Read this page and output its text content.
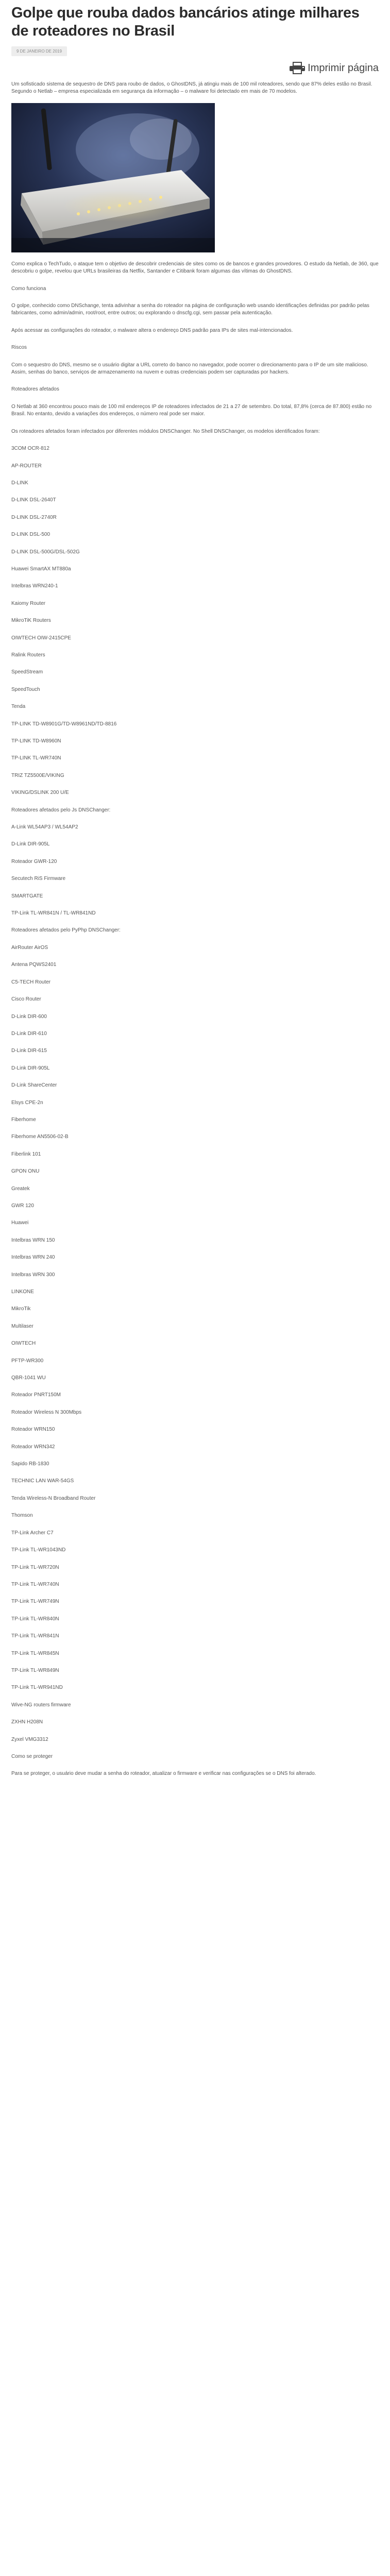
Golpe que rouba dados bancários atinge milhares de roteadores no Brasil
9 DE JANEIRO DE 2019
Imprimir página

Um sofisticado sistema de sequestro de DNS para roubo de dados, o GhostDNS, já atingiu mais de 100 mil roteadores, sendo que 87% deles estão no Brasil. Segundo o Netlab – empresa especializada em segurança da informação – o malware foi detectado em mais de 70 modelos.

Como explica o TechTudo, o ataque tem o objetivo de descobrir credenciais de sites como os de bancos e grandes provedores. O estudo da Netlab, de 360, que descobriu o golpe, revelou que URLs brasileiras da Netflix, Santander e Citibank foram algumas das vítimas do GhostDNS.

Como funciona

O golpe, conhecido como DNSchange, tenta adivinhar a senha do roteador na página de configuração web usando identificações definidas por padrão pelas fabricantes, como admin/admin, root/root, entre outros; ou explorando o dnscfg.cgi, sem passar pela autenticação.

Após acessar as configurações do roteador, o malware altera o endereço DNS padrão para IPs de sites mal-intencionados.

Riscos

Com o sequestro do DNS, mesmo se o usuário digitar a URL correto do banco no navegador, pode ocorrer o direcionamento para o IP de um site malicioso. Assim, senhas do banco, serviços de armazenamento na nuvem e outras credenciais podem ser capturadas por hackers.

Roteadores afetados

O Netlab at 360 encontrou pouco mais de 100 mil endereços IP de roteadores infectados de 21 a 27 de setembro. Do total, 87,8% (cerca de 87.800) estão no Brasil. No entanto, devido a variações dos endereços, o número real pode ser maior.

Os roteadores afetados foram infectados por diferentes módulos DNSChanger. No Shell DNSChanger, os modelos identificados foram:

3COM OCR-812

AP-ROUTER

D-LINK

D-LINK DSL-2640T

D-LINK DSL-2740R

D-LINK DSL-500

D-LINK DSL-500G/DSL-502G

Huawei SmartAX MT880a

Intelbras WRN240-1

Kaiomy Router

MikroTiK Routers

OIWTECH OIW-2415CPE

Ralink Routers

SpeedStream

SpeedTouch

Tenda

TP-LINK TD-W8901G/TD-W8961ND/TD-8816

TP-LINK TD-W8960N

TP-LINK TL-WR740N

TRIZ TZ5500E/VIKING

VIKING/DSLINK 200 U/E

Roteadores afetados pelo Js DNSChanger:

A-Link WL54AP3 / WL54AP2

D-Link DIR-905L

Roteador GWR-120

Secutech RiS Firmware

SMARTGATE

TP-Link TL-WR841N / TL-WR841ND

Roteadores afetados pelo PyPhp DNSChanger:

AirRouter AirOS

Antena PQWS2401

C5-TECH Router

Cisco Router

D-Link DIR-600

D-Link DIR-610

D-Link DIR-615

D-Link DIR-905L

D-Link ShareCenter

Elsys CPE-2n

Fiberhome

Fiberhome AN5506-02-B

Fiberlink 101

GPON ONU

Greatek

GWR 120

Huawei

Intelbras WRN 150

Intelbras WRN 240

Intelbras WRN 300

LINKONE

MikroTik

Multilaser

OIWTECH

PFTP-WR300

QBR-1041 WU

Roteador PNRT150M

Roteador Wireless N 300Mbps

Roteador WRN150

Roteador WRN342

Sapido RB-1830

TECHNIC LAN WAR-54GS

Tenda Wireless-N Broadband Router

Thomson

TP-Link Archer C7

TP-Link TL-WR1043ND

TP-Link TL-WR720N

TP-Link TL-WR740N

TP-Link TL-WR749N

TP-Link TL-WR840N

TP-Link TL-WR841N

TP-Link TL-WR845N

TP-Link TL-WR849N

TP-Link TL-WR941ND

Wive-NG routers firmware

ZXHN H208N

Zyxel VMG3312

Como se proteger

Para se proteger, o usuário deve mudar a senha do roteador, atualizar o firmware e verificar nas configurações se o DNS foi alterado.
